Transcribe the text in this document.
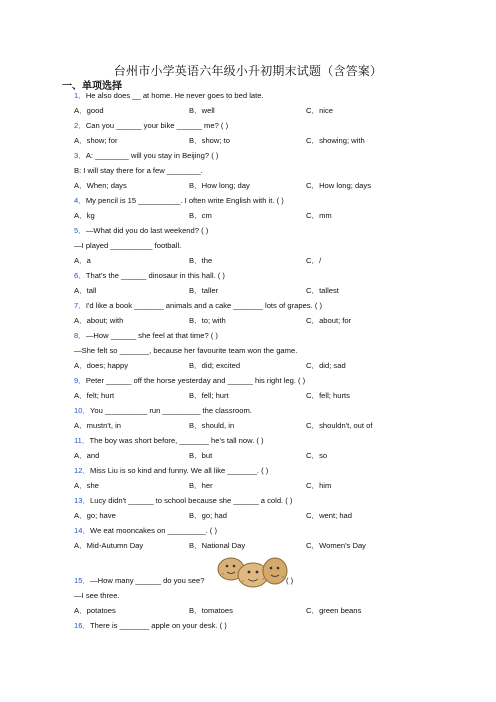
台州市小学英语六年级小升初期末试题（含答案）
一、单项选择
1．He also does __ at home. He never goes to bed late.
A．good	B．well	C．nice
2．Can you ______ your bike ______ me? ( )
A．show; for	B．show; to	C．showing; with
3．A: ________ will you stay in Beijing? ( )
B: I will stay there for a few ________.
A．When; days	B．How long; day	C．How long; days
4．My pencil is 15 __________. I often write English with it. ( )
A．kg	B．cm	C．mm
5．—What did you do last weekend? ( )
—I played __________ football.
A．a	B．the	C．/
6．That's the ______ dinosaur in this hall. ( )
A．tall	B．taller	C．tallest
7．I'd like a book _______ animals and a cake _______ lots of grapes. ( )
A．about; with	B．to; with	C．about; for
8．—How ______ she feel at that time? ( )
—She felt so _______, because her favourite team won the game.
A．does; happy	B．did; excited	C．did; sad
9．Peter ______ off the horse yesterday and ______ his right leg. ( )
A．felt; hurt	B．fell; hurt	C．fell; hurts
10．You __________ run _________ the classroom.
A．mustn't, in	B．should, in	C．shouldn't, out of
11．The boy was short before, _______ he's tall now. ( )
A．and	B．but	C．so
12．Miss Liu is so kind and funny. We all like _______. ( )
A．she	B．her	C．him
13．Lucy didn't ______ to school because she ______ a cold. ( )
A．go; have	B．go; had	C．went; had
14．We eat mooncakes on _________. ( )
A．Mid-Autumn Day	B．National Day	C．Women's Day
15．—How many ______ do you see?	( )
—I see three.
A．potatoes	B．tomatoes	C．green beans
16．There is _______ apple on your desk. ( )
